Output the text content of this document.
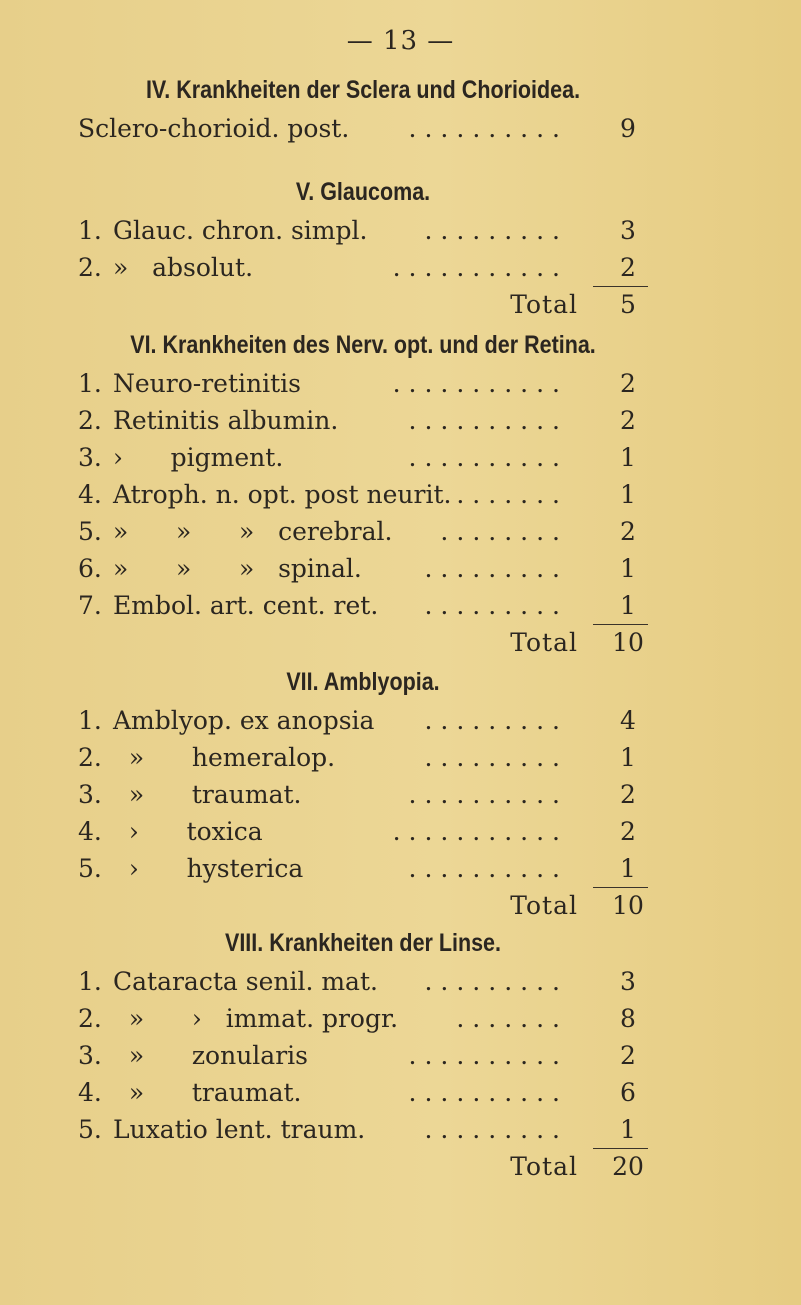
— 13 —
IV. Krankheiten der Sclera und Chorioidea.
Sclero-chorioid. post. ..........	9
V. Glaucoma.
1. Glauc. chron. simpl. .........	3
2. »   absolut.	...........	2
Total	5
VI. Krankheiten des Nerv. opt. und der Retina.
1. Neuro-retinitis	...........	2
2. Retinitis albumin.	..........	2
3. ›      pigment.	..........	1
4. Atroph. n. opt. post neurit. .......	1
5. »      »      »   cerebral. ........	2
6. »      »      »   spinal.	.........	1
7. Embol. art. cent. ret. .........	1
Total 10
VII. Amblyopia.
1. Amblyop. ex anopsia .........	4
2. »      hemeralop.	.........	1
3. »      traumat.	..........	2
4. ›      toxica	...........	2
5. ›      hysterica	..........	1
Total 10
VIII. Krankheiten der Linse.
1. Cataracta senil. mat. .........	3
2. »      ›   immat. progr. .......	8
3. »      zonularis	..........	2
4. »      traumat.	..........	6
5. Luxatio lent. traum. .........	1
Total 20
